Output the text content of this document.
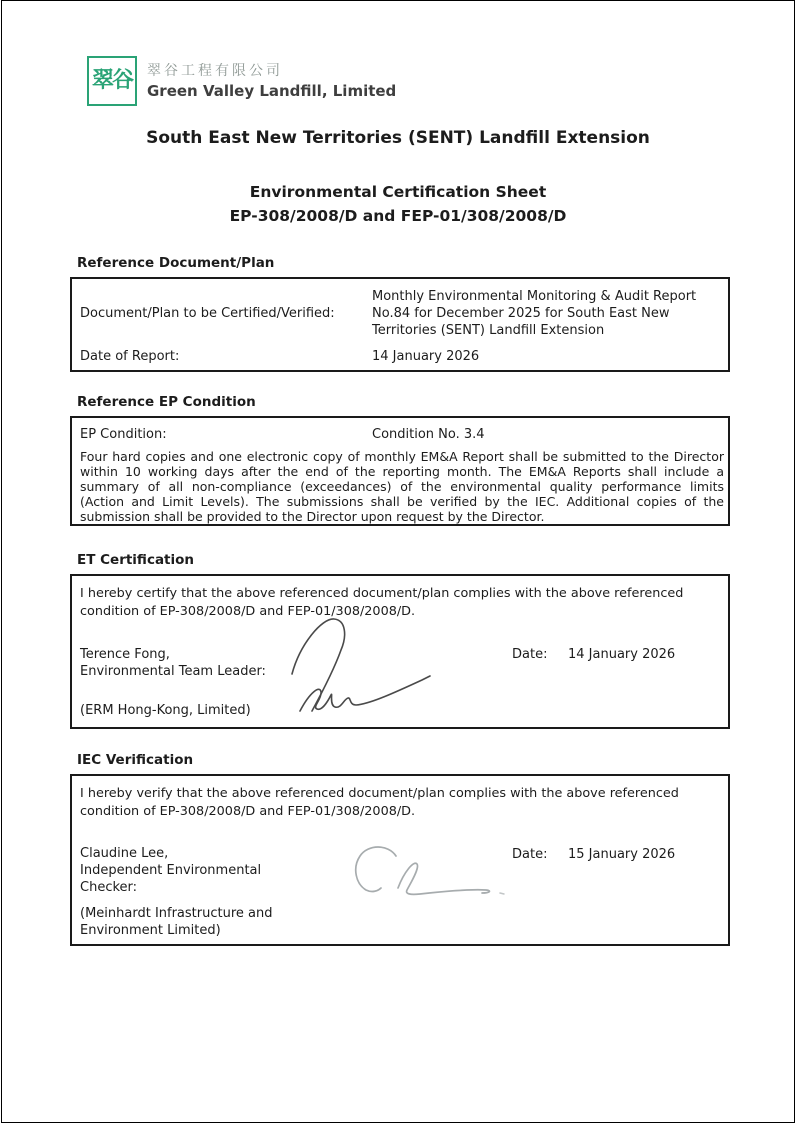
翠谷 翠谷工程有限公司
Green Valley Landfill, Limited
South East New Territories (SENT) Landfill Extension
Environmental Certification Sheet
EP-308/2008/D and FEP-01/308/2008/D
Reference Document/Plan
Document/Plan to be Certified/Verified:
Monthly Environmental Monitoring & Audit Report No.84 for December 2025 for South East New Territories (SENT) Landfill Extension
Date of Report:	14 January 2026
Reference EP Condition
EP Condition:	Condition No. 3.4
Four hard copies and one electronic copy of monthly EM&A Report shall be submitted to the Director within 10 working days after the end of the reporting month. The EM&A Reports shall include a summary of all non-compliance (exceedances) of the environmental quality performance limits (Action and Limit Levels). The submissions shall be verified by the IEC. Additional copies of the submission shall be provided to the Director upon request by the Director.
ET Certification
I hereby certify that the above referenced document/plan complies with the above referenced condition of EP-308/2008/D and FEP-01/308/2008/D.
Terence Fong,
Environmental Team Leader:
(ERM Hong-Kong, Limited)
Date: 14 January 2026
IEC Verification
I hereby verify that the above referenced document/plan complies with the above referenced condition of EP-308/2008/D and FEP-01/308/2008/D.
Claudine Lee,
Independent Environmental Checker:
(Meinhardt Infrastructure and Environment Limited)
Date: 15 January 2026
